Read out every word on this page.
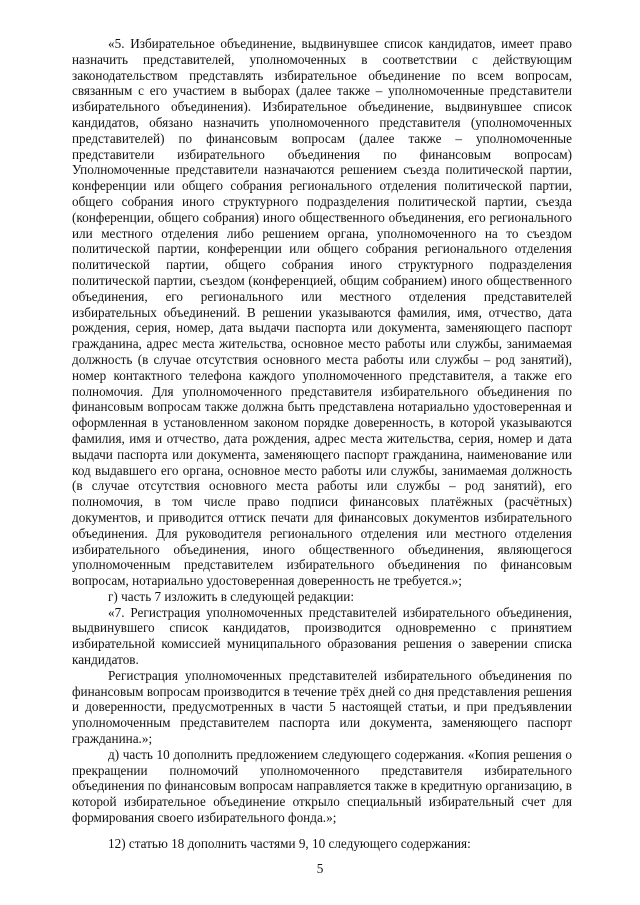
«5. Избирательное объединение, выдвинувшее список кандидатов, имеет право назначить представителей, уполномоченных в соответствии с действующим законодательством представлять избирательное объединение по всем вопросам, связанным с его участием в выборах (далее также – уполномоченные представители избирательного объединения). Избирательное объединение, выдвинувшее список кандидатов, обязано назначить уполномоченного представителя (уполномоченных представителей) по финансовым вопросам (далее также – уполномоченные представители избирательного объединения по финансовым вопросам) Уполномоченные представители назначаются решением съезда политической партии, конференции или общего собрания регионального отделения политической партии, общего собрания иного структурного подразделения политической партии, съезда (конференции, общего собрания) иного общественного объединения, его регионального или местного отделения либо решением органа, уполномоченного на то съездом политической партии, конференции или общего собрания регионального отделения политической партии, общего собрания иного структурного подразделения политической партии, съездом (конференцией, общим собранием) иного общественного объединения, его регионального или местного отделения представителей избирательных объединений. В решении указываются фамилия, имя, отчество, дата рождения, серия, номер, дата выдачи паспорта или документа, заменяющего паспорт гражданина, адрес места жительства, основное место работы или службы, занимаемая должность (в случае отсутствия основного места работы или службы – род занятий), номер контактного телефона каждого уполномоченного представителя, а также его полномочия. Для уполномоченного представителя избирательного объединения по финансовым вопросам также должна быть представлена нотариально удостоверенная и оформленная в установленном законом порядке доверенность, в которой указываются фамилия, имя и отчество, дата рождения, адрес места жительства, серия, номер и дата выдачи паспорта или документа, заменяющего паспорт гражданина, наименование или код выдавшего его органа, основное место работы или службы, занимаемая должность (в случае отсутствия основного места работы или службы – род занятий), его полномочия, в том числе право подписи финансовых платёжных (расчётных) документов, и приводится оттиск печати для финансовых документов избирательного объединения. Для руководителя регионального отделения или местного отделения избирательного объединения, иного общественного объединения, являющегося уполномоченным представителем избирательного объединения по финансовым вопросам, нотариально удостоверенная доверенность не требуется.»;

г) часть 7 изложить в следующей редакции:

«7. Регистрация уполномоченных представителей избирательного объединения, выдвинувшего список кандидатов, производится одновременно с принятием избирательной комиссией муниципального образования решения о заверении списка кандидатов.

Регистрация уполномоченных представителей избирательного объединения по финансовым вопросам производится в течение трёх дней со дня представления решения и доверенности, предусмотренных в части 5 настоящей статьи, и при предъявлении уполномоченным представителем паспорта или документа, заменяющего паспорт гражданина.»;

д) часть 10 дополнить предложением следующего содержания. «Копия решения о прекращении полномочий уполномоченного представителя избирательного объединения по финансовым вопросам направляется также в кредитную организацию, в которой избирательное объединение открыло специальный избирательный счет для формирования своего избирательного фонда.»;

12) статью 18 дополнить частями 9, 10 следующего содержания:

5
